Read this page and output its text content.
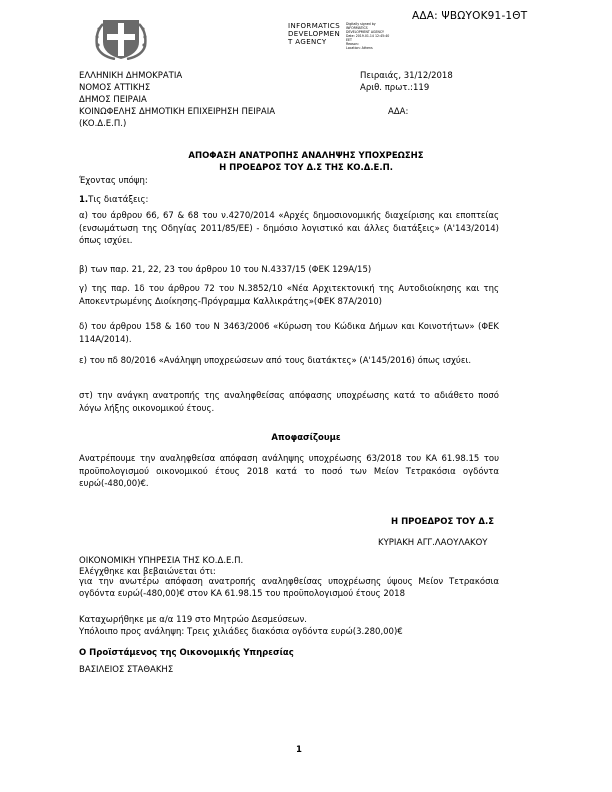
ΑΔΑ: ΨΒΩΥΟΚ91-1ΘΤ
INFORMATICS
DEVELOPMEN
T AGENCY
Digitally signed by
INFORMATICS
DEVELOPMENT AGENCY
Date: 2019.01.14 12:45:40
EET
Reason:
Location: Athens
ΕΛΛΗΝΙΚΗ ΔΗΜΟΚΡΑΤΙΑ
ΝΟΜΟΣ ΑΤΤΙΚΗΣ
ΔΗΜΟΣ ΠΕΙΡΑΙΑ
ΚΟΙΝΩΦΕΛΗΣ ΔΗΜΟΤΙΚΗ ΕΠΙΧΕΙΡΗΣΗ ΠΕΙΡΑΙΑ
(ΚΟ.Δ.Ε.Π.)
Πειραιάς, 31/12/2018
Αριθ. πρωτ.:119
ΑΔΑ:
ΑΠΟΦΑΣΗ ΑΝΑΤΡΟΠΗΣ ΑΝΑΛΗΨΗΣ ΥΠΟΧΡΕΩΣΗΣ
Η ΠΡΟΕΔΡΟΣ ΤΟΥ Δ.Σ ΤΗΣ ΚΟ.Δ.Ε.Π.
Έχοντας υπόψη:
1.Τις διατάξεις:
α) του άρθρου 66, 67 & 68 του ν.4270/2014 «Αρχές δημοσιονομικής διαχείρισης και εποπτείας (ενσωμάτωση της Οδηγίας 2011/85/ΕΕ) - δημόσιο λογιστικό και άλλες διατάξεις» (Α'143/2014) όπως ισχύει.
β) των παρ. 21, 22, 23 του άρθρου 10 του Ν.4337/15 (ΦΕΚ 129Α/15)
γ) της παρ. 1δ του άρθρου 72 του Ν.3852/10 «Νέα Αρχιτεκτονική της Αυτοδιοίκησης και της Αποκεντρωμένης Διοίκησης-Πρόγραμμα Καλλικράτης»(ΦΕΚ 87Α/2010)
δ) του άρθρου 158 & 160 του Ν 3463/2006 «Κύρωση του Κώδικα Δήμων και Κοινοτήτων» (ΦΕΚ 114Α/2014).
ε) του πδ 80/2016 «Ανάληψη υποχρεώσεων από τους διατάκτες» (Α'145/2016) όπως ισχύει.
στ) την ανάγκη ανατροπής της αναληφθείσας απόφασης υποχρέωσης κατά το αδιάθετο ποσό λόγω λήξης οικονομικού έτους.
Αποφασίζουμε
Ανατρέπουμε την αναληφθείσα απόφαση ανάληψης υποχρέωσης 63/2018 του ΚΑ 61.98.15 του προϋπολογισμού οικονομικού έτους 2018 κατά το ποσό των Μείον Τετρακόσια ογδόντα ευρώ(-480,00)€.
Η ΠΡΟΕΔΡΟΣ ΤΟΥ Δ.Σ
ΚΥΡΙΑΚΗ ΑΓΓ.ΛΑΟΥΛΑΚΟΥ
ΟΙΚΟΝΟΜΙΚΗ ΥΠΗΡΕΣΙΑ ΤΗΣ ΚΟ.Δ.Ε.Π.
Ελέγχθηκε και βεβαιώνεται ότι:
για την ανωτέρω απόφαση ανατροπής αναληφθείσας υποχρέωσης ύψους Μείον Τετρακόσια ογδόντα ευρώ(-480,00)€ στον ΚΑ 61.98.15 του προϋπολογισμού έτους 2018
Καταχωρήθηκε με α/α 119 στο Μητρώο Δεσμεύσεων.
Υπόλοιπο προς ανάληψη: Τρεις χιλιάδες διακόσια ογδόντα ευρώ(3.280,00)€
Ο Προϊστάμενος της Οικονομικής Υπηρεσίας
ΒΑΣΙΛΕΙΟΣ ΣΤΑΘΑΚΗΣ
1
